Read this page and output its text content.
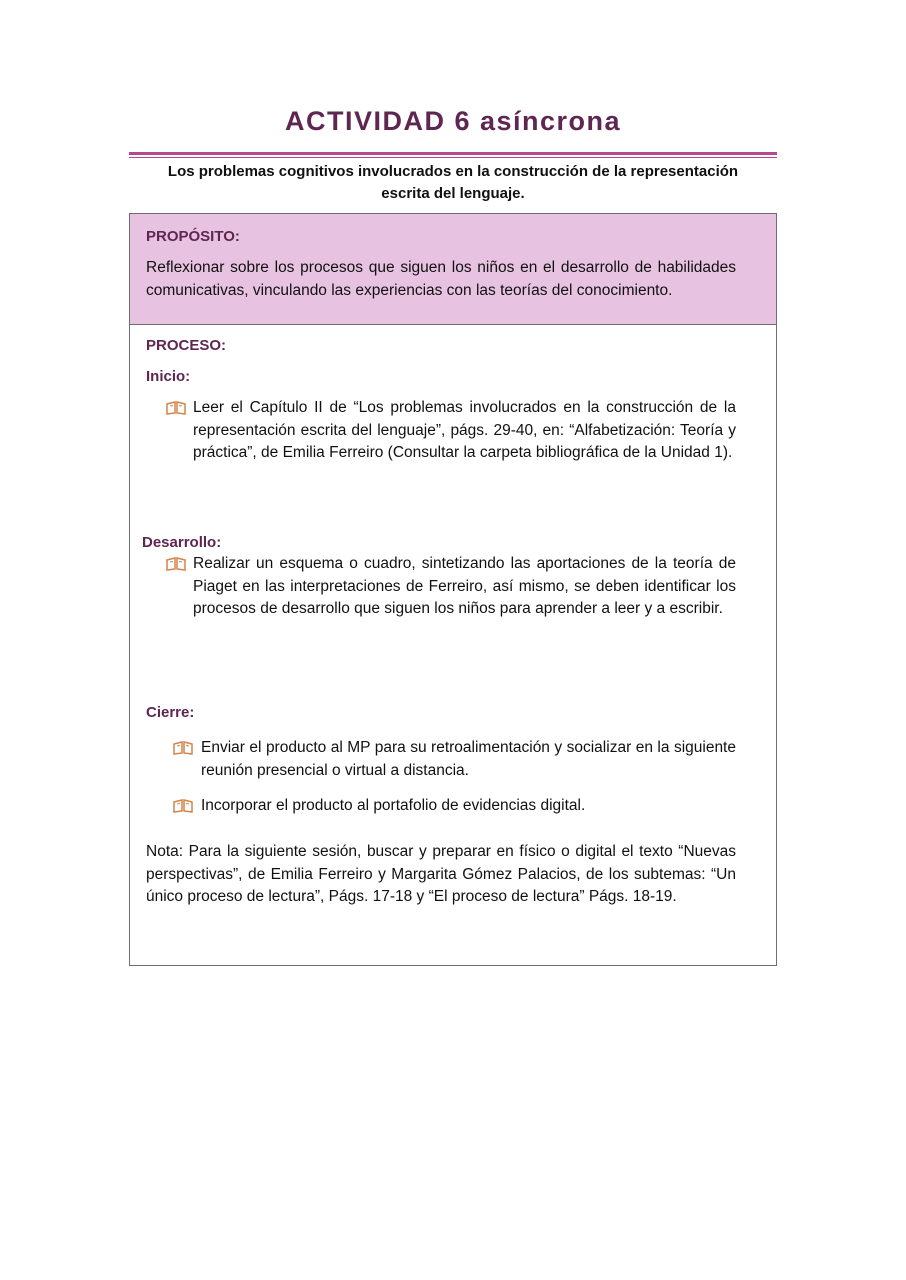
ACTIVIDAD 6 asíncrona
Los problemas cognitivos involucrados en la construcción de la representación
escrita del lenguaje.
PROPÓSITO:
Reflexionar sobre los procesos que siguen los niños en el desarrollo de habilidades comunicativas, vinculando las experiencias con las teorías del conocimiento.
PROCESO:
Inicio:
Leer el Capítulo II de “Los problemas involucrados en la construcción de la representación escrita del lenguaje”, págs. 29-40, en: “Alfabetización: Teoría y práctica”, de Emilia Ferreiro (Consultar la carpeta bibliográfica de la Unidad 1).
Desarrollo:
Realizar un esquema o cuadro, sintetizando las aportaciones de la teoría de Piaget en las interpretaciones de Ferreiro, así mismo, se deben identificar los procesos de desarrollo que siguen los niños para aprender a leer y a escribir.
Cierre:
Enviar el producto al MP para su retroalimentación y socializar en la siguiente reunión presencial o virtual a distancia.
Incorporar el producto al portafolio de evidencias digital.
Nota: Para la siguiente sesión, buscar y preparar en físico o digital el texto “Nuevas perspectivas”, de Emilia Ferreiro y Margarita Gómez Palacios, de los subtemas: “Un único proceso de lectura”, Págs. 17-18 y “El proceso de lectura” Págs. 18-19.
